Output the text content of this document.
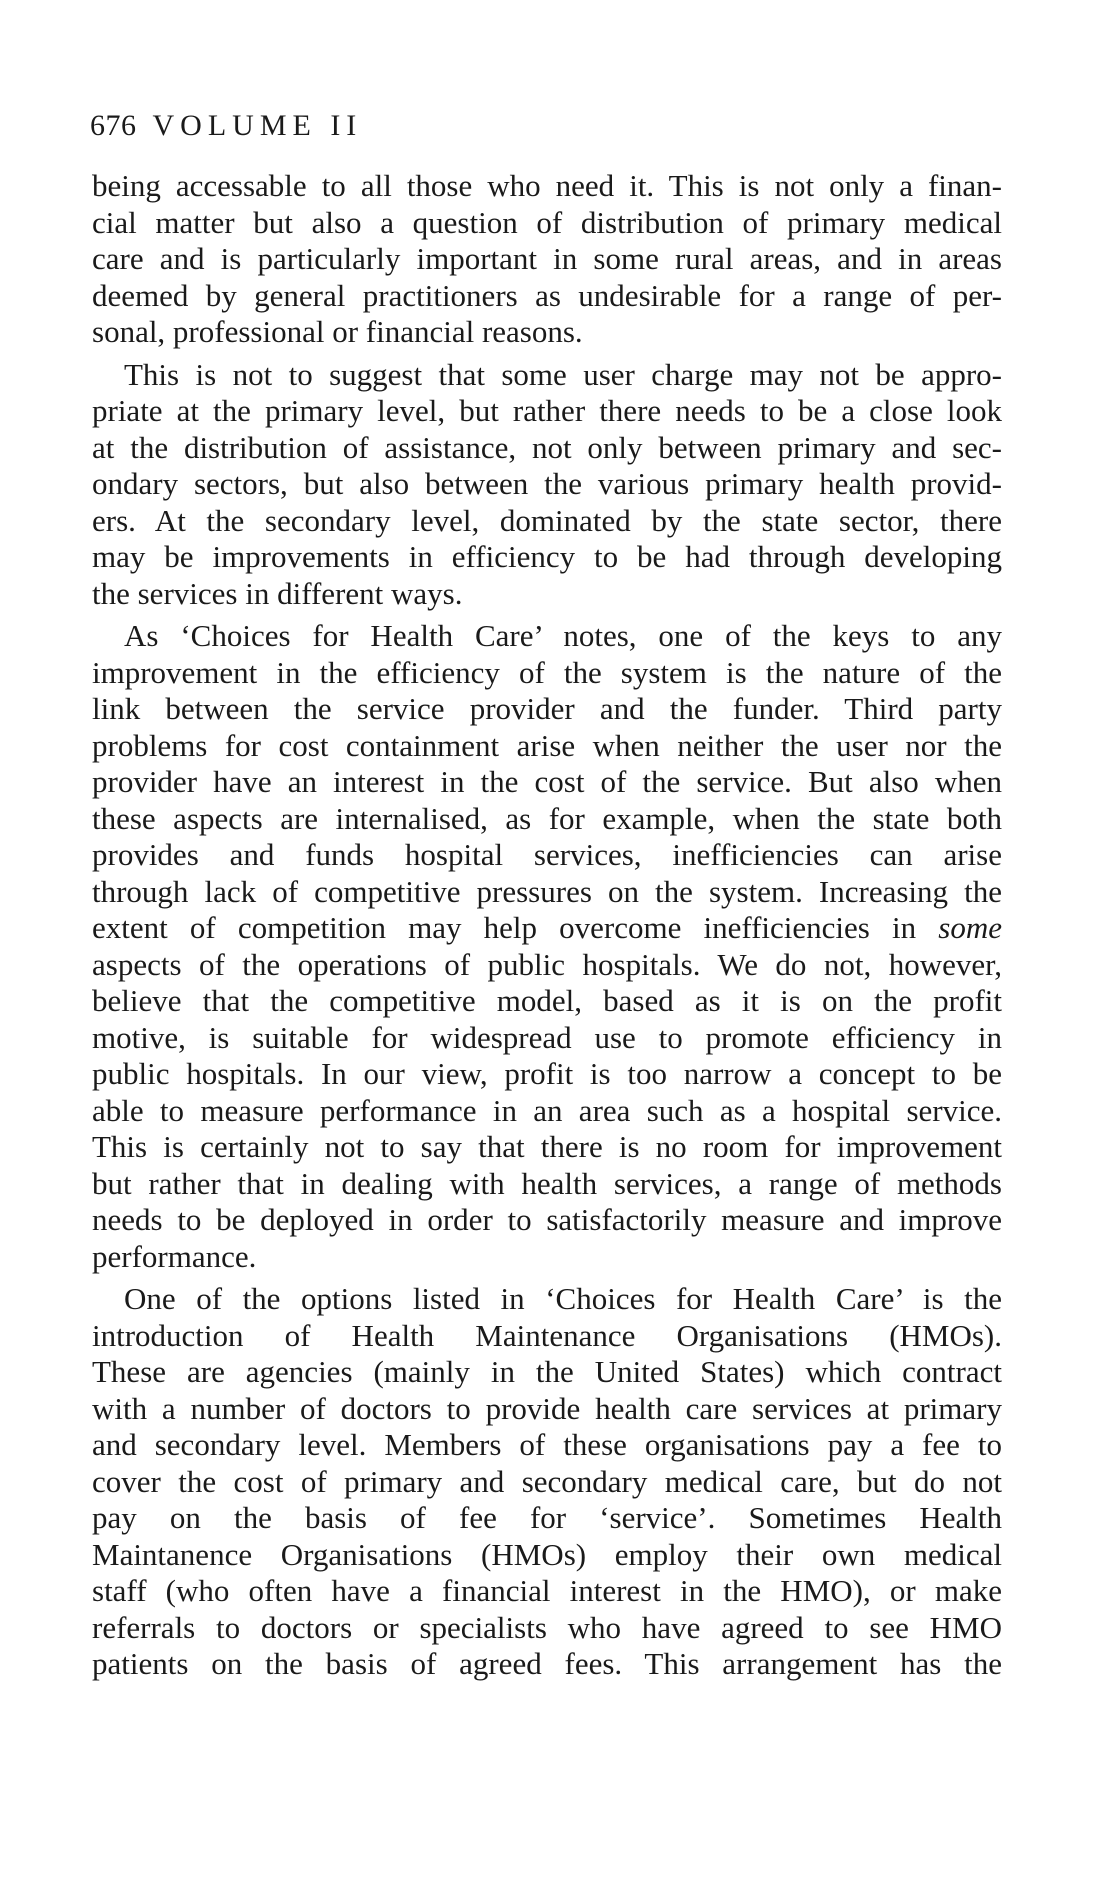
676 VOLUME II
being accessable to all those who need it. This is not only a finan-
cial matter but also a question of distribution of primary medical
care and is particularly important in some rural areas, and in areas
deemed by general practitioners as undesirable for a range of per-
sonal, professional or financial reasons.
This is not to suggest that some user charge may not be appro-
priate at the primary level, but rather there needs to be a close look
at the distribution of assistance, not only between primary and sec-
ondary sectors, but also between the various primary health provid-
ers. At the secondary level, dominated by the state sector, there
may be improvements in efficiency to be had through developing
the services in different ways.
As ‘Choices for Health Care’ notes, one of the keys to any
improvement in the efficiency of the system is the nature of the
link between the service provider and the funder. Third party
problems for cost containment arise when neither the user nor the
provider have an interest in the cost of the service. But also when
these aspects are internalised, as for example, when the state both
provides and funds hospital services, inefficiencies can arise
through lack of competitive pressures on the system. Increasing the
extent of competition may help overcome inefficiencies in some
aspects of the operations of public hospitals. We do not, however,
believe that the competitive model, based as it is on the profit
motive, is suitable for widespread use to promote efficiency in
public hospitals. In our view, profit is too narrow a concept to be
able to measure performance in an area such as a hospital service.
This is certainly not to say that there is no room for improvement
but rather that in dealing with health services, a range of methods
needs to be deployed in order to satisfactorily measure and improve
performance.
One of the options listed in ‘Choices for Health Care’ is the
introduction of Health Maintenance Organisations (HMOs).
These are agencies (mainly in the United States) which contract
with a number of doctors to provide health care services at primary
and secondary level. Members of these organisations pay a fee to
cover the cost of primary and secondary medical care, but do not
pay on the basis of fee for ‘service’. Sometimes Health
Maintanence Organisations (HMOs) employ their own medical
staff (who often have a financial interest in the HMO), or make
referrals to doctors or specialists who have agreed to see HMO
patients on the basis of agreed fees. This arrangement has the
